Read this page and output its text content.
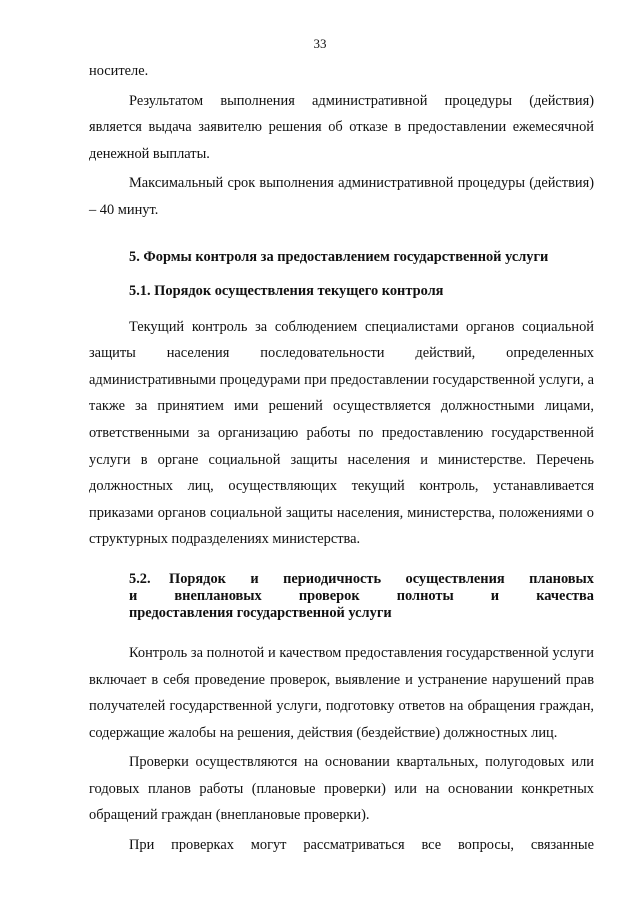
33

носителе.

Результатом выполнения административной процедуры (действия) является выдача заявителю решения об отказе в предоставлении ежемесячной денежной выплаты.

Максимальный срок выполнения административной процедуры (действия) – 40 минут.

5. Формы контроля за предоставлением государственной услуги
5.1. Порядок осуществления текущего контроля

Текущий контроль за соблюдением специалистами органов социальной защиты населения последовательности действий, определенных административными процедурами при предоставлении государственной услуги, а также за принятием ими решений осуществляется должностными лицами, ответственными за организацию работы по предоставлению государственной услуги в органе социальной защиты населения и министерстве. Перечень должностных лиц, осуществляющих текущий контроль, устанавливается приказами органов социальной защиты населения, министерства, положениями о структурных подразделениях министерства.

5.2.	Порядок и периодичность осуществления плановых
и внеплановых проверок полноты и качества
предоставления государственной услуги

Контроль за полнотой и качеством предоставления государственной услуги включает в себя проведение проверок, выявление и устранение нарушений прав получателей государственной услуги, подготовку ответов на обращения граждан, содержащие жалобы на решения, действия (бездействие) должностных лиц.

Проверки осуществляются на основании квартальных, полугодовых или годовых планов работы (плановые проверки) или на основании конкретных обращений граждан (внеплановые проверки).

При проверках могут рассматриваться все вопросы, связанные
